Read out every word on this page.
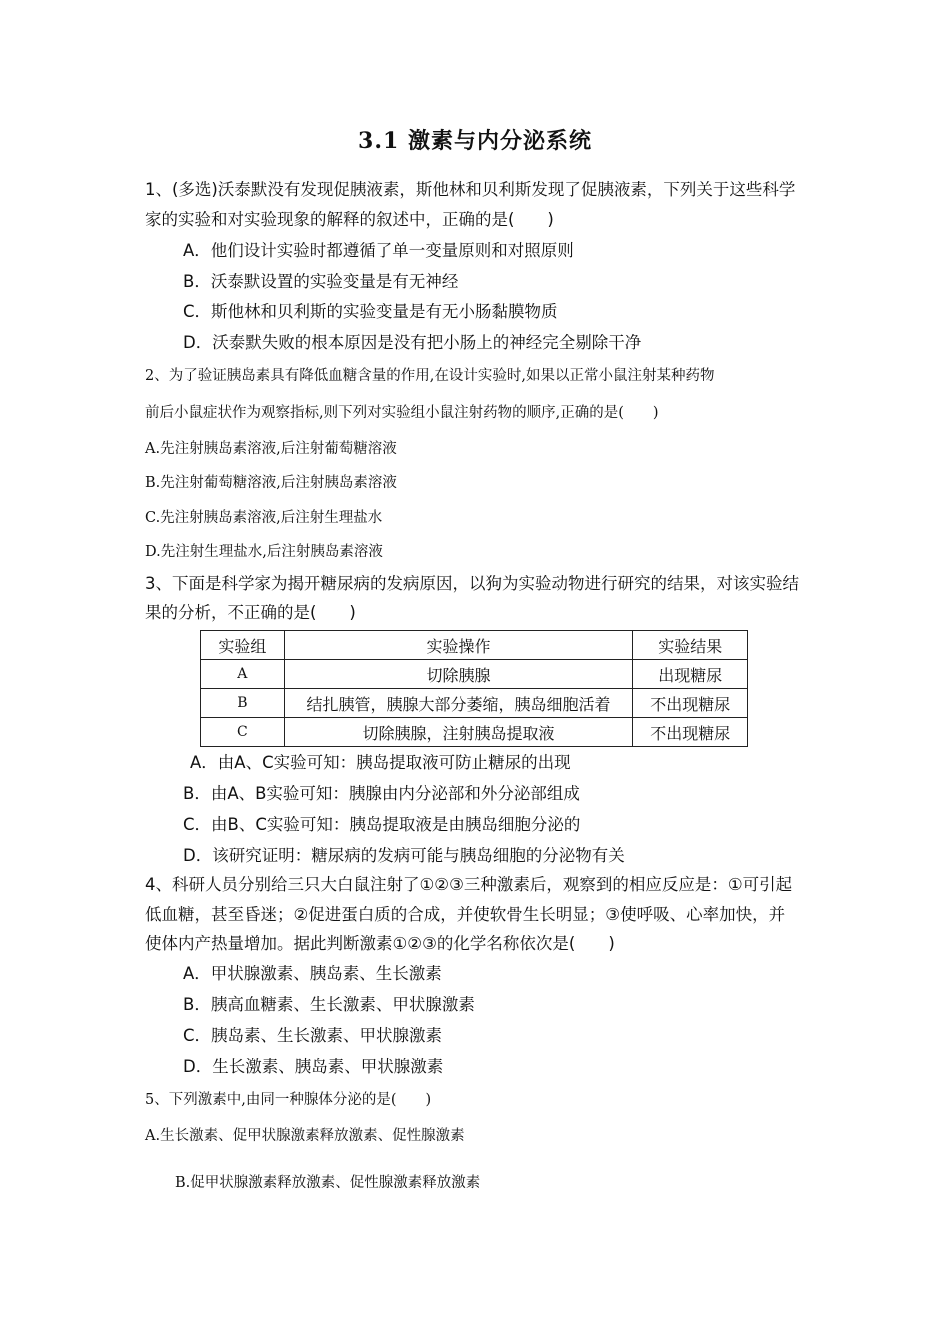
3.1 激素与内分泌系统
1、(多选)沃泰默没有发现促胰液素，斯他林和贝利斯发现了促胰液素，下列关于这些科学
家的实验和对实验现象的解释的叙述中，正确的是(　　)
A．他们设计实验时都遵循了单一变量原则和对照原则
B．沃泰默设置的实验变量是有无神经
C．斯他林和贝利斯的实验变量是有无小肠黏膜物质
D．沃泰默失败的根本原因是没有把小肠上的神经完全剔除干净
2、为了验证胰岛素具有降低血糖含量的作用,在设计实验时,如果以正常小鼠注射某种药物
前后小鼠症状作为观察指标,则下列对实验组小鼠注射药物的顺序,正确的是(　　)
A.先注射胰岛素溶液,后注射葡萄糖溶液
B.先注射葡萄糖溶液,后注射胰岛素溶液
C.先注射胰岛素溶液,后注射生理盐水
D.先注射生理盐水,后注射胰岛素溶液
3、下面是科学家为揭开糖尿病的发病原因，以狗为实验动物进行研究的结果，对该实验结
果的分析，不正确的是(　　)
实验组	实验操作	实验结果
A	切除胰腺	出现糖尿
B	结扎胰管，胰腺大部分萎缩，胰岛细胞活着	不出现糖尿
C	切除胰腺，注射胰岛提取液	不出现糖尿
A．由A、C实验可知：胰岛提取液可防止糖尿的出现
B．由A、B实验可知：胰腺由内分泌部和外分泌部组成
C．由B、C实验可知：胰岛提取液是由胰岛细胞分泌的
D．该研究证明：糖尿病的发病可能与胰岛细胞的分泌物有关
4、科研人员分别给三只大白鼠注射了①②③三种激素后，观察到的相应反应是：①可引起
低血糖，甚至昏迷；②促进蛋白质的合成，并使软骨生长明显；③使呼吸、心率加快，并
使体内产热量增加。据此判断激素①②③的化学名称依次是(　　)
A．甲状腺激素、胰岛素、生长激素
B．胰高血糖素、生长激素、甲状腺激素
C．胰岛素、生长激素、甲状腺激素
D．生长激素、胰岛素、甲状腺激素
5、下列激素中,由同一种腺体分泌的是(　　)
A.生长激素、促甲状腺激素释放激素、促性腺激素
B.促甲状腺激素释放激素、促性腺激素释放激素
